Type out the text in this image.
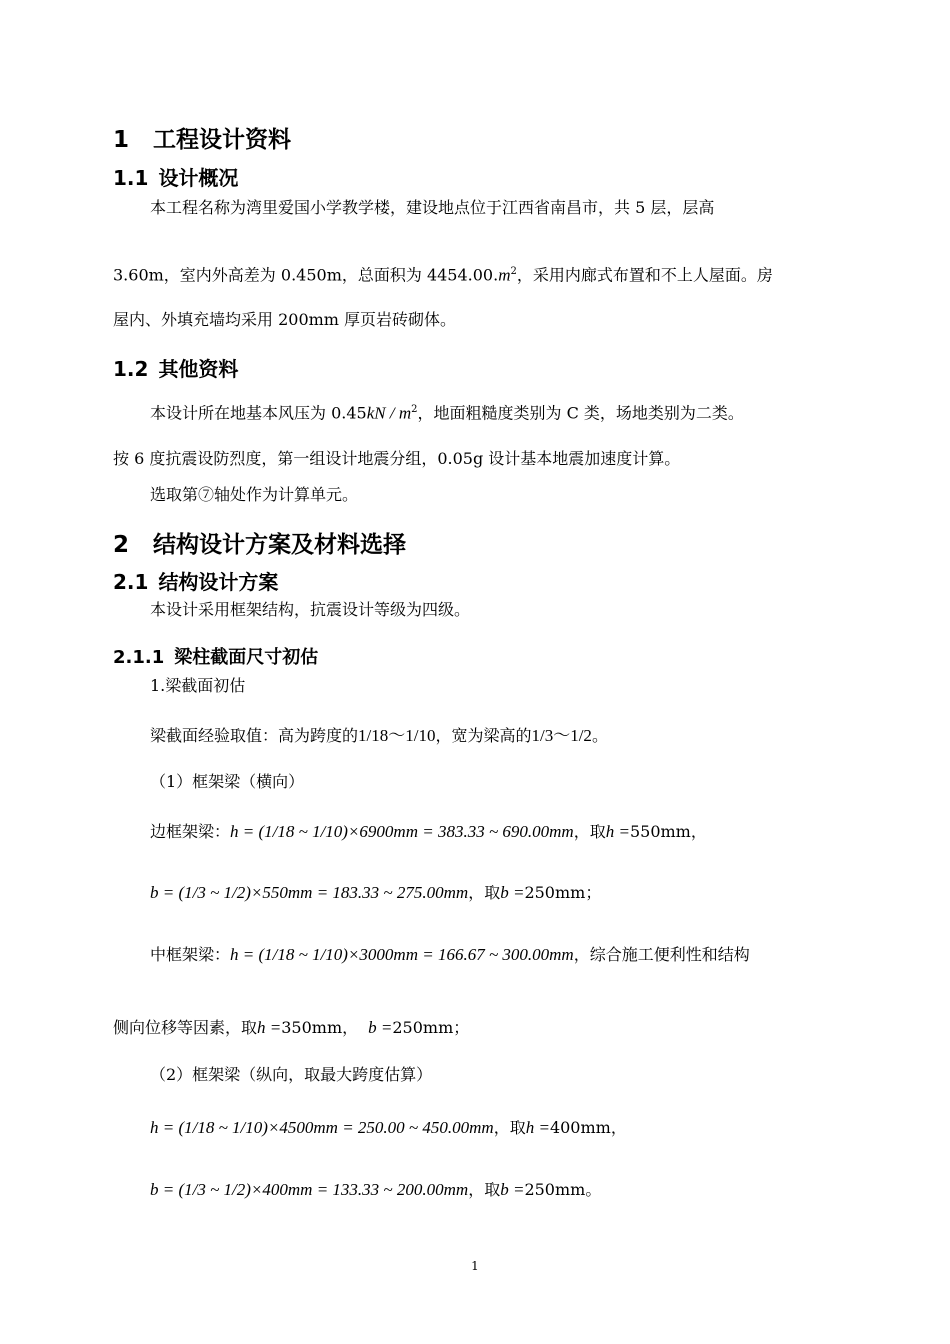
1 工程设计资料
1.1 设计概况
本工程名称为湾里爱国小学教学楼，建设地点位于江西省南昌市，共 5 层，层高
3.60m，室内外高差为 0.450m，总面积为 $4454.00.m^2$，采用内廊式布置和不上人屋面。房
屋内、外填充墙均采用 200mm 厚页岩砖砌体。
1.2 其他资料
本设计所在地基本风压为 $0.45kN / m^2$，地面粗糙度类别为 C 类，场地类别为二类。
按 6 度抗震设防烈度，第一组设计地震分组，0.05g 设计基本地震加速度计算。
选取第⑦轴处作为计算单元。
2 结构设计方案及材料选择
2.1 结构设计方案
本设计采用框架结构，抗震设计等级为四级。
2.1.1 梁柱截面尺寸初估
1.梁截面初估
梁截面经验取值：高为跨度的1/18～1/10，宽为梁高的1/3～1/2。
（1）框架梁（横向）
边框架梁：h = (1/18 ~ 1/10)×6900mm = 383.33 ~ 690.00mm，取h =550mm，
b = (1/3 ~ 1/2)×550mm = 183.33 ~ 275.00mm，取b =250mm；
中框架梁：h = (1/18 ~ 1/10)×3000mm = 166.67 ~ 300.00mm，综合施工便利性和结构
侧向位移等因素，取h =350mm， b =250mm；
（2）框架梁（纵向，取最大跨度估算）
h = (1/18 ~ 1/10)×4500mm = 250.00 ~ 450.00mm，取h =400mm，
b = (1/3 ~ 1/2)×400mm = 133.33 ~ 200.00mm，取b =250mm。
1
